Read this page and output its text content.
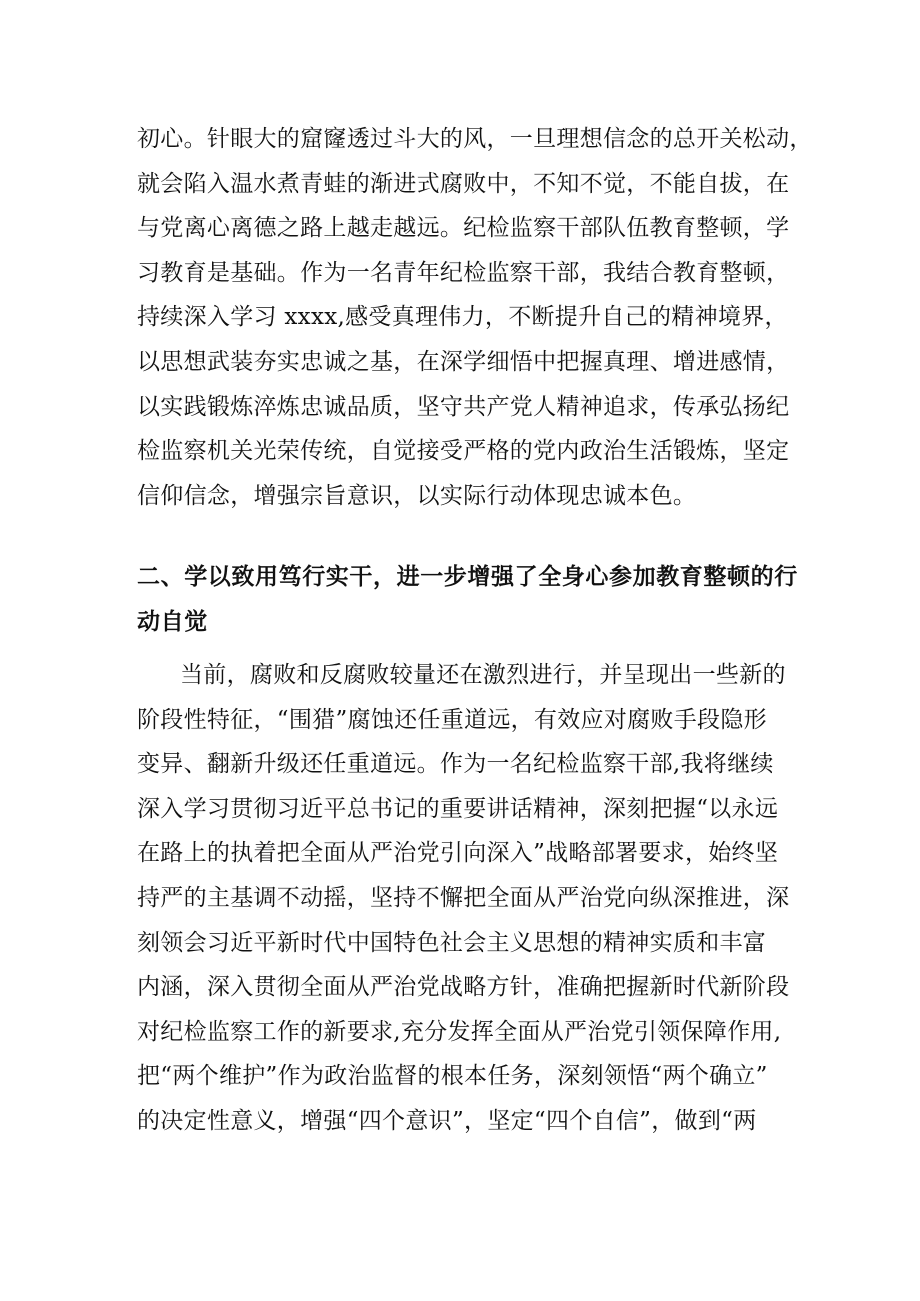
初心。针眼大的窟窿透过斗大的风，一旦理想信念的总开关松动，
就会陷入温水煮青蛙的渐进式腐败中，不知不觉，不能自拔，在
与党离心离德之路上越走越远。纪检监察干部队伍教育整顿，学
习教育是基础。作为一名青年纪检监察干部，我结合教育整顿，
持续深入学习 xxxx,感受真理伟力，不断提升自己的精神境界，
以思想武装夯实忠诚之基，在深学细悟中把握真理、增进感情，
以实践锻炼淬炼忠诚品质，坚守共产党人精神追求，传承弘扬纪
检监察机关光荣传统，自觉接受严格的党内政治生活锻炼，坚定
信仰信念，增强宗旨意识，以实际行动体现忠诚本色。
二、学以致用笃行实干，进一步增强了全身心参加教育整顿的行
动自觉
当前，腐败和反腐败较量还在激烈进行，并呈现出一些新的
阶段性特征，“围猎”腐蚀还任重道远，有效应对腐败手段隐形
变异、翻新升级还任重道远。作为一名纪检监察干部,我将继续
深入学习贯彻习近平总书记的重要讲话精神，深刻把握“以永远
在路上的执着把全面从严治党引向深入”战略部署要求，始终坚
持严的主基调不动摇，坚持不懈把全面从严治党向纵深推进，深
刻领会习近平新时代中国特色社会主义思想的精神实质和丰富
内涵，深入贯彻全面从严治党战略方针，准确把握新时代新阶段
对纪检监察工作的新要求,充分发挥全面从严治党引领保障作用,
把“两个维护”作为政治监督的根本任务，深刻领悟“两个确立”
的决定性意义，增强“四个意识”，坚定“四个自信”，做到“两
